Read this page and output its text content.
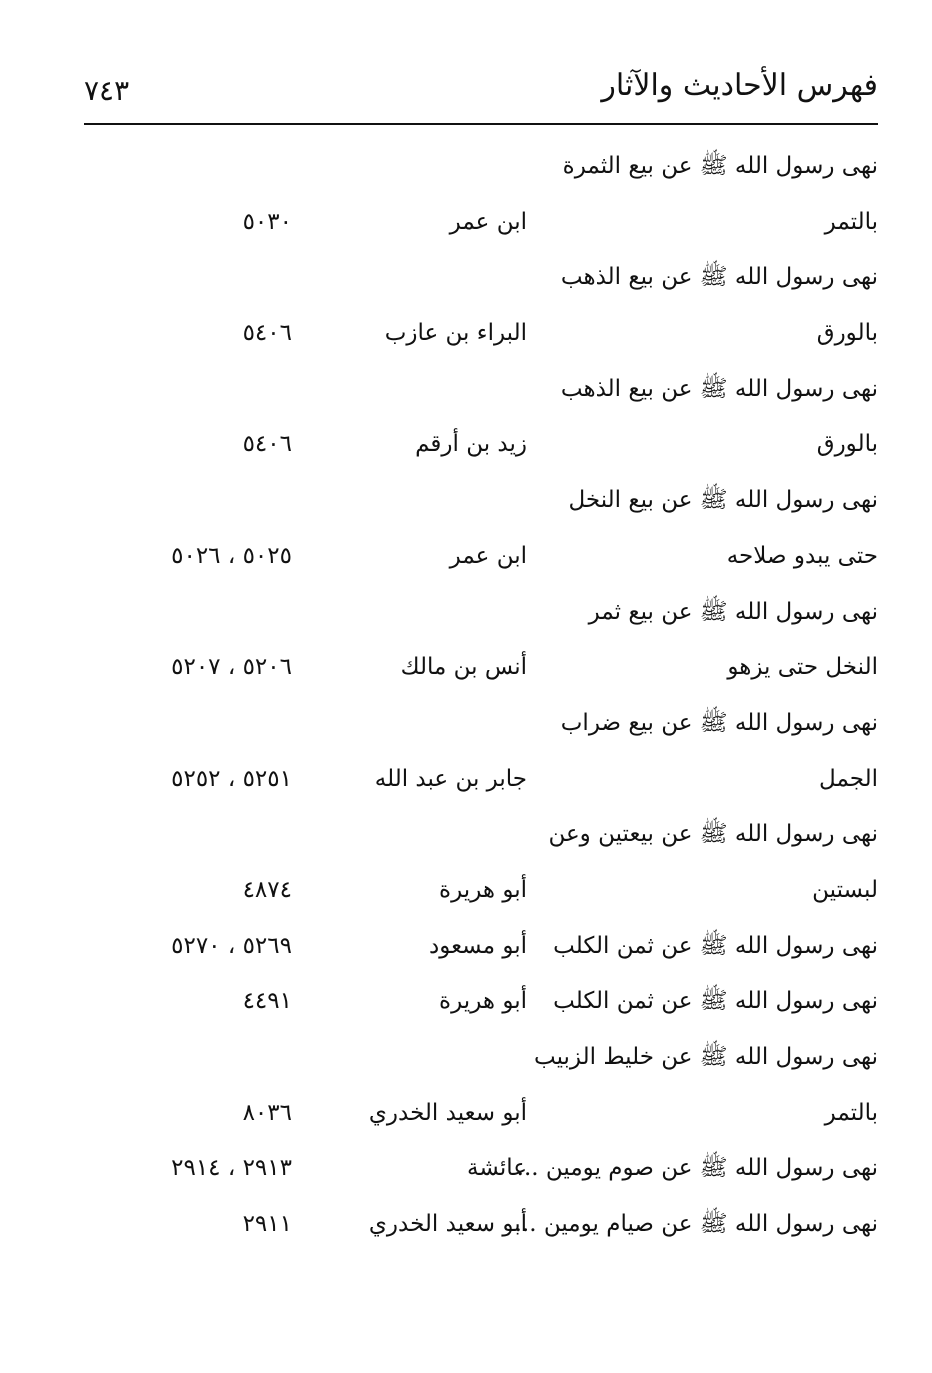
فهرس الأحاديث والآثار
٧٤٣
نهى رسول الله ﷺ عن بيع الثمرة
بالتمر
ابن عمر
٥٠٣٠
نهى رسول الله ﷺ عن بيع الذهب
بالورق
البراء بن عازب
٥٤٠٦
نهى رسول الله ﷺ عن بيع الذهب
بالورق
زيد بن أرقم
٥٤٠٦
نهى رسول الله ﷺ عن بيع النخل
حتى يبدو صلاحه
ابن عمر
٥٠٢٥ ، ٥٠٢٦
نهى رسول الله ﷺ عن بيع ثمر
النخل حتى يزهو
أنس بن مالك
٥٢٠٦ ، ٥٢٠٧
نهى رسول الله ﷺ عن بيع ضراب
الجمل
جابر بن عبد الله
٥٢٥١ ، ٥٢٥٢
نهى رسول الله ﷺ عن بيعتين وعن
لبستين
أبو هريرة
٤٨٧٤
نهى رسول الله ﷺ عن ثمن الكلب
أبو مسعود
٥٢٦٩ ، ٥٢٧٠
نهى رسول الله ﷺ عن ثمن الكلب
أبو هريرة
٤٤٩١
نهى رسول الله ﷺ عن خليط الزبيب
بالتمر
أبو سعيد الخدري
٨٠٣٦
نهى رسول الله ﷺ عن صوم يومين ...
عائشة
٢٩١٣ ، ٢٩١٤
نهى رسول الله ﷺ عن صيام يومين ...
أبو سعيد الخدري
٢٩١١
